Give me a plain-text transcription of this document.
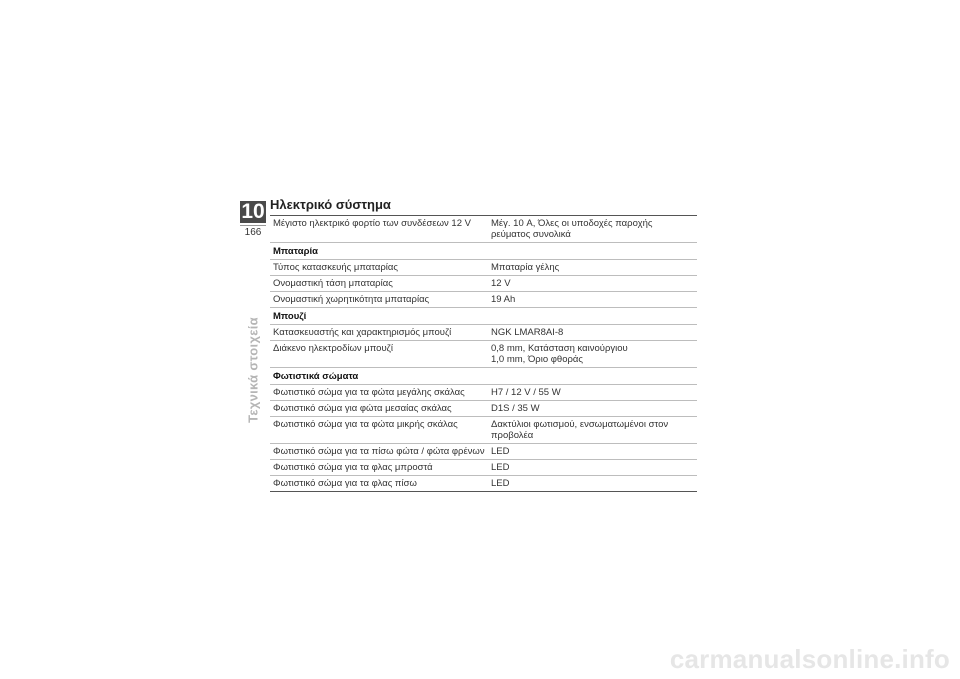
10
166
Τεχνικά στοιχεία
Ηλεκτρικό σύστημα
Μέγιστο ηλεκτρικό φορτίο των συνδέσεων 12 V	Μέγ. 10 A, Όλες οι υποδοχές παροχής ρεύματος συνολικά
Μπαταρία	
Τύπος κατασκευής μπαταρίας	Μπαταρία γέλης
Ονομαστική τάση μπαταρίας	12 V
Ονομαστική χωρητικότητα μπαταρίας	19 Ah
Μπουζί	
Κατασκευαστής και χαρακτηρισμός μπουζί	NGK LMAR8AI-8
Διάκενο ηλεκτροδίων μπουζί	0,8 mm, Κατάσταση καινούργιου
1,0 mm, Όριο φθοράς

Φωτιστικά σώματα	
Φωτιστικό σώμα για τα φώτα μεγάλης σκάλας	H7 / 12 V / 55 W
Φωτιστικό σώμα για φώτα μεσαίας σκάλας	D1S / 35 W
Φωτιστικό σώμα για τα φώτα μικρής σκάλας	Δακτύλιοι φωτισμού, ενσωματωμένοι στον προβολέα
Φωτιστικό σώμα για τα πίσω φώτα / φώτα φρένων	LED
Φωτιστικό σώμα για τα φλας μπροστά	LED
Φωτιστικό σώμα για τα φλας πίσω	LED
carmanualsonline.info
